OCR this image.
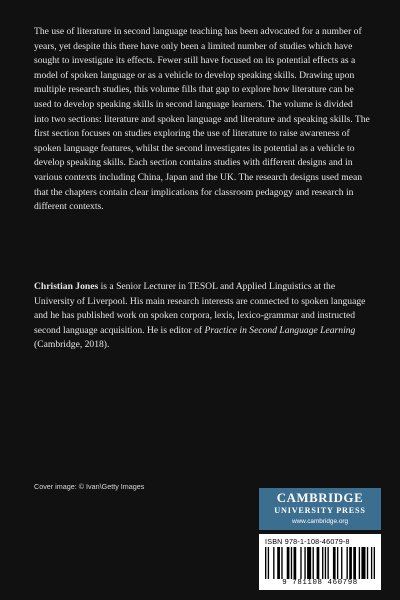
The use of literature in second language teaching has been advocated for a number of years, yet despite this there have only been a limited number of studies which have sought to investigate its effects. Fewer still have focused on its potential effects as a model of spoken language or as a vehicle to develop speaking skills. Drawing upon multiple research studies, this volume fills that gap to explore how literature can be used to develop speaking skills in second language learners. The volume is divided into two sections: literature and spoken language and literature and speaking skills. The first section focuses on studies exploring the use of literature to raise awareness of spoken language features, whilst the second investigates its potential as a vehicle to develop speaking skills. Each section contains studies with different designs and in various contexts including China, Japan and the UK. The research designs used mean that the chapters contain clear implications for classroom pedagogy and research in different contexts.

Christian Jones is a Senior Lecturer in TESOL and Applied Linguistics at the University of Liverpool. His main research interests are connected to spoken language and he has published work on spoken corpora, lexis, lexico-grammar and instructed second language acquisition. He is editor of Practice in Second Language Learning (Cambridge, 2018).

Cover image: © Ivan\Getty Images
CAMBRIDGE
UNIVERSITY PRESS
www.cambridge.org
ISBN 978-1-108-46079-8
9 781108 460798
